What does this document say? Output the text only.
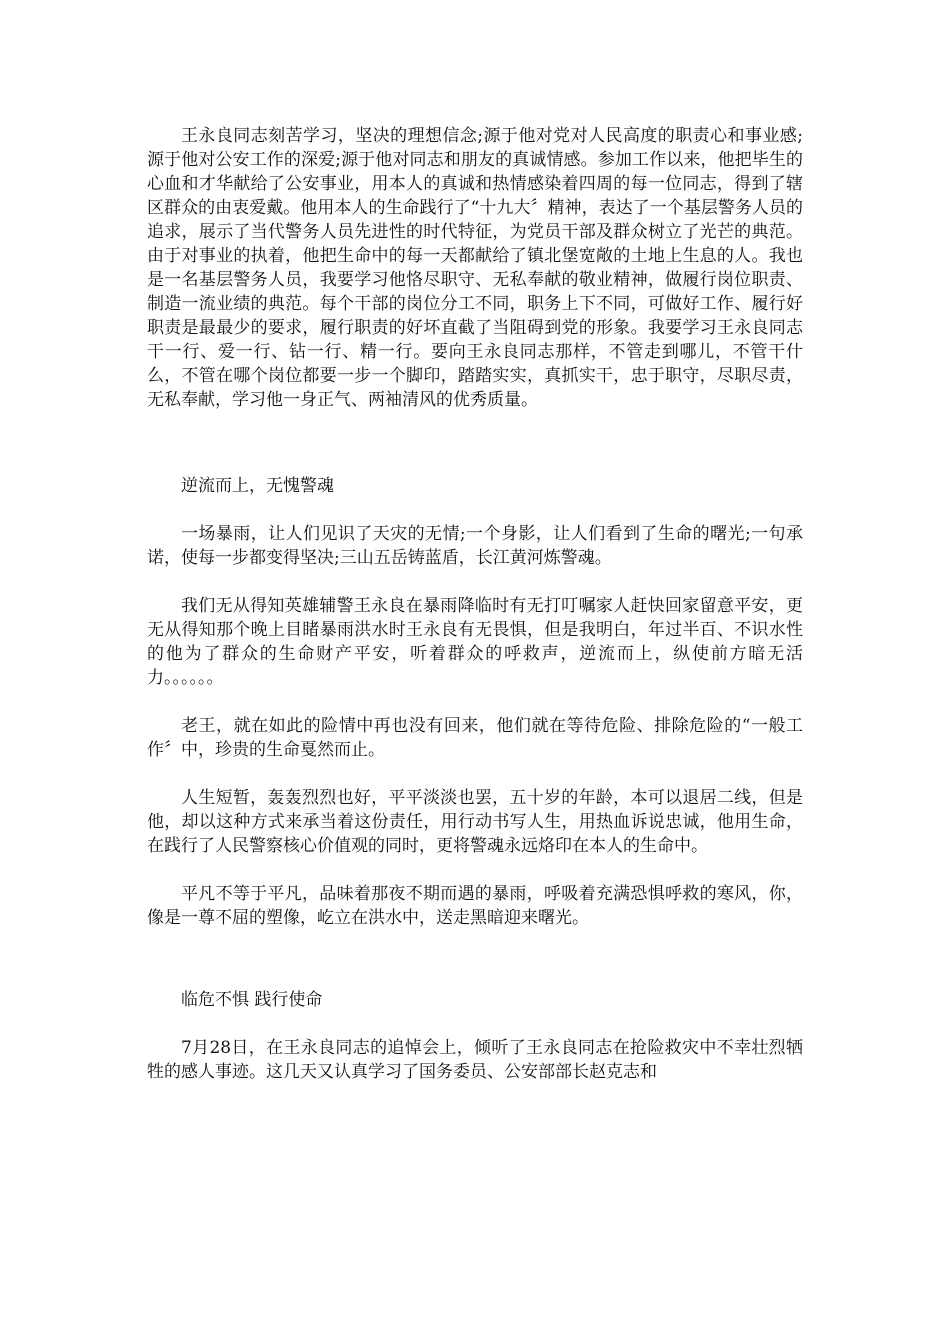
王永良同志刻苦学习，坚决的理想信念;源于他对党对人民高度的职责心和事业感;源于他对公安工作的深爱;源于他对同志和朋友的真诚情感。参加工作以来，他把毕生的心血和才华献给了公安事业，用本人的真诚和热情感染着四周的每一位同志，得到了辖区群众的由衷爱戴。他用本人的生命践行了“十九大〞精神，表达了一个基层警务人员的追求，展示了当代警务人员先进性的时代特征，为党员干部及群众树立了光芒的典范。由于对事业的执着，他把生命中的每一天都献给了镇北堡宽敞的土地上生息的人。我也是一名基层警务人员，我要学习他恪尽职守、无私奉献的敬业精神，做履行岗位职责、制造一流业绩的典范。每个干部的岗位分工不同，职务上下不同，可做好工作、履行好职责是最最少的要求，履行职责的好坏直截了当阻碍到党的形象。我要学习王永良同志干一行、爱一行、钻一行、精一行。要向王永良同志那样，不管走到哪儿，不管干什么，不管在哪个岗位都要一步一个脚印，踏踏实实，真抓实干，忠于职守，尽职尽责，无私奉献，学习他一身正气、两袖清风的优秀质量。

逆流而上，无愧警魂

一场暴雨，让人们见识了天灾的无情;一个身影，让人们看到了生命的曙光;一句承诺，使每一步都变得坚决;三山五岳铸蓝盾，长江黄河炼警魂。

我们无从得知英雄辅警王永良在暴雨降临时有无打叮嘱家人赶快回家留意平安，更无从得知那个晚上目睹暴雨洪水时王永良有无畏惧，但是我明白，年过半百、不识水性的他为了群众的生命财产平安，听着群众的呼救声，逆流而上，纵使前方暗无活力。。。。。。

老王，就在如此的险情中再也没有回来，他们就在等待危险、排除危险的“一般工作〞中，珍贵的生命戛然而止。

人生短暂，轰轰烈烈也好，平平淡淡也罢，五十岁的年龄，本可以退居二线，但是他，却以这种方式来承当着这份责任，用行动书写人生，用热血诉说忠诚，他用生命，在践行了人民警察核心价值观的同时，更将警魂永远烙印在本人的生命中。

平凡不等于平凡，品味着那夜不期而遇的暴雨，呼吸着充满恐惧呼救的寒风，你，像是一尊不屈的塑像，屹立在洪水中，送走黑暗迎来曙光。

临危不惧 践行使命

7月28日，在王永良同志的追悼会上，倾听了王永良同志在抢险救灾中不幸壮烈牺牲的感人事迹。这几天又认真学习了国务委员、公安部部长赵克志和
